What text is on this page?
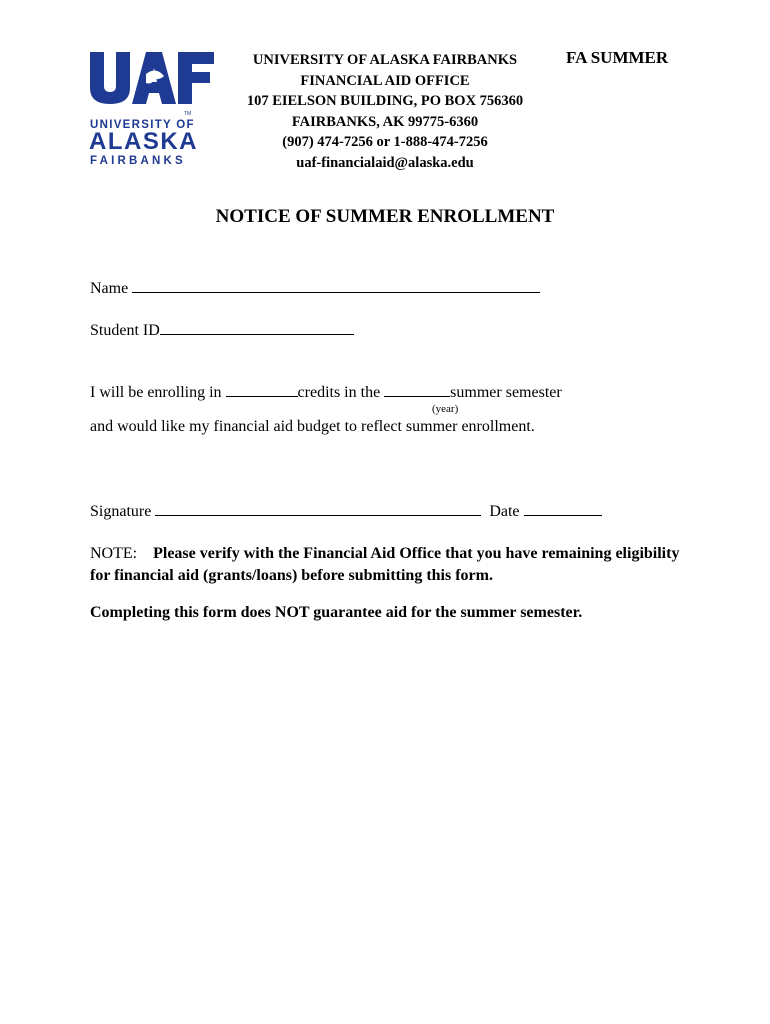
TM
UNIVERSITY OF
ALASKA
FAIRBANKS
UNIVERSITY OF ALASKA FAIRBANKS
FINANCIAL AID OFFICE
107 EIELSON BUILDING, PO BOX 756360
FAIRBANKS, AK 99775-6360
(907) 474-7256 or 1-888-474-7256
uaf-financialaid@alaska.edu
FA SUMMER
NOTICE OF SUMMER ENROLLMENT
Name
Student ID
I will be enrolling in	credits in the	summer semester
(year)
and would like my financial aid budget to reflect summer enrollment.
Signature	Date
NOTE: Please verify with the Financial Aid Office that you have remaining eligibility for financial aid (grants/loans) before submitting this form.
Completing this form does NOT guarantee aid for the summer semester.
